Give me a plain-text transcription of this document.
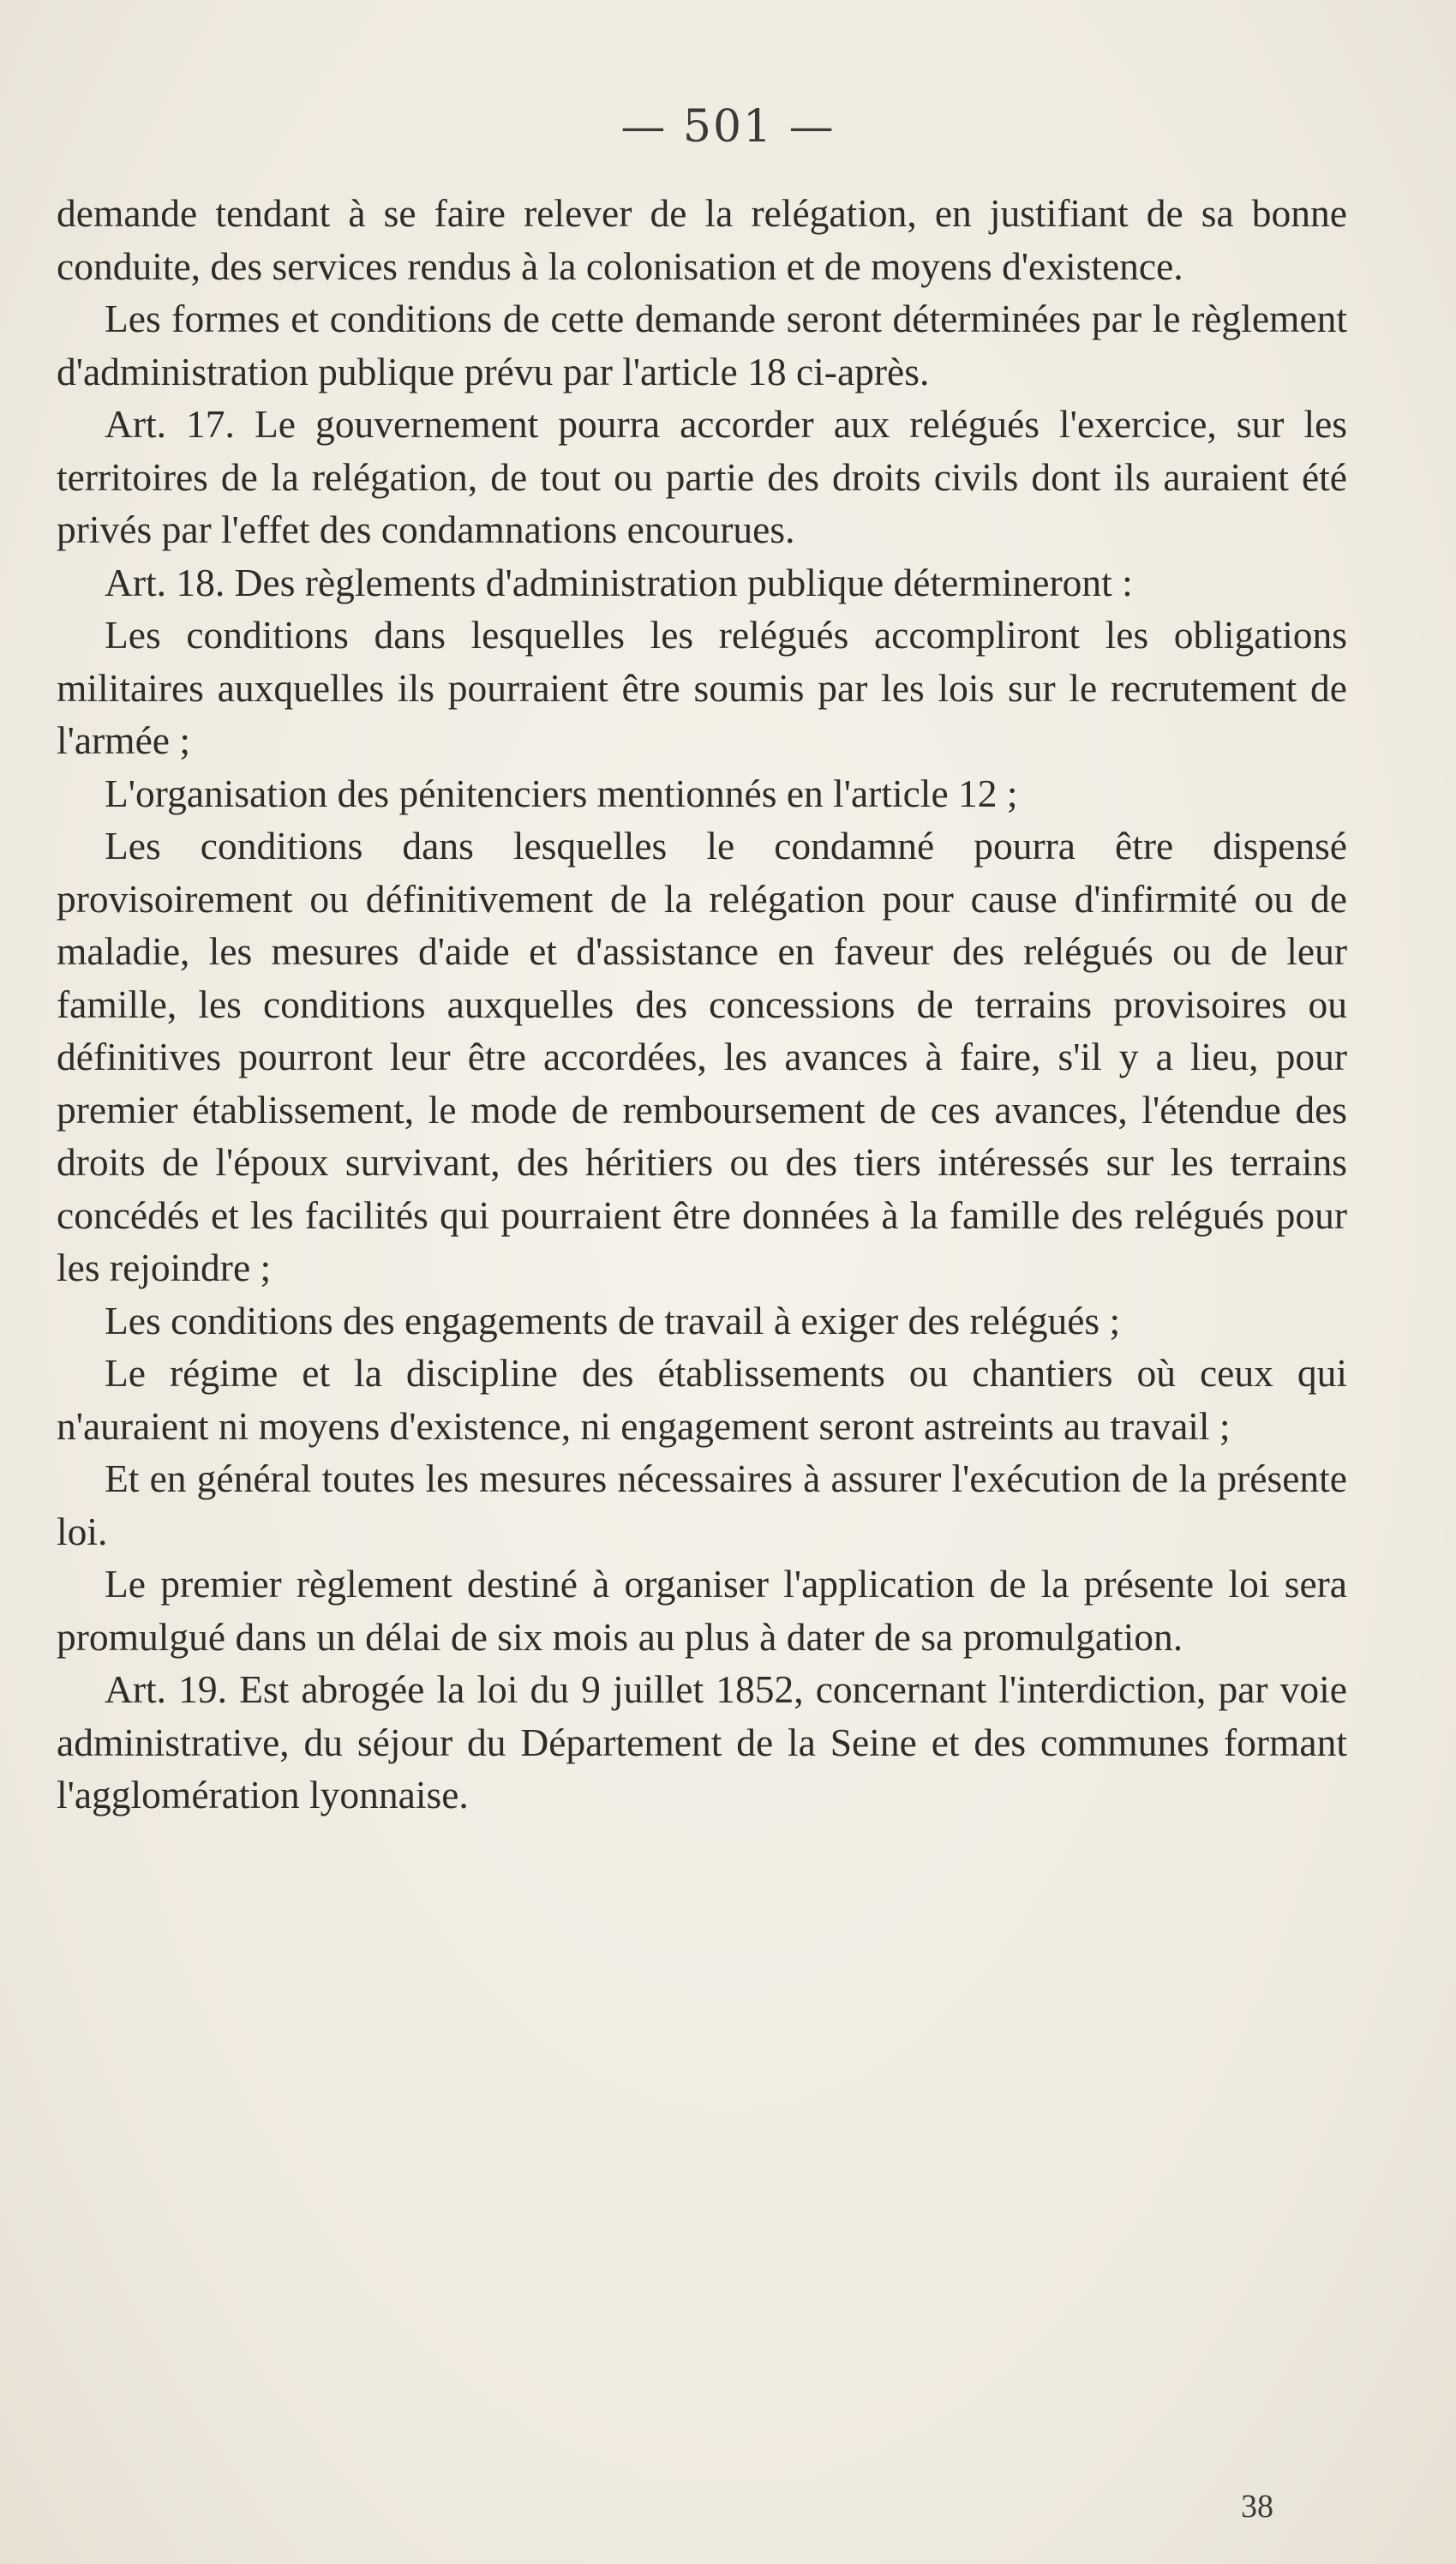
— 501 —

demande tendant à se faire relever de la relégation, en justifiant de sa bonne conduite, des services rendus à la colonisation et de moyens d'existence.

Les formes et conditions de cette demande seront déterminées par le règlement d'administration publique prévu par l'article 18 ci-après.

Art. 17. Le gouvernement pourra accorder aux relégués l'exercice, sur les territoires de la relégation, de tout ou partie des droits civils dont ils auraient été privés par l'effet des condamnations encourues.

Art. 18. Des règlements d'administration publique détermineront :

Les conditions dans lesquelles les relégués accompliront les obligations militaires auxquelles ils pourraient être soumis par les lois sur le recrutement de l'armée ;

L'organisation des pénitenciers mentionnés en l'article 12 ;

Les conditions dans lesquelles le condamné pourra être dispensé provisoirement ou définitivement de la relégation pour cause d'infirmité ou de maladie, les mesures d'aide et d'assistance en faveur des relégués ou de leur famille, les conditions auxquelles des concessions de terrains provisoires ou définitives pourront leur être accordées, les avances à faire, s'il y a lieu, pour premier établissement, le mode de remboursement de ces avances, l'étendue des droits de l'époux survivant, des héritiers ou des tiers intéressés sur les terrains concédés et les facilités qui pourraient être données à la famille des relégués pour les rejoindre ;

Les conditions des engagements de travail à exiger des relégués ;

Le régime et la discipline des établissements ou chantiers où ceux qui n'auraient ni moyens d'existence, ni engagement seront astreints au travail ;

Et en général toutes les mesures nécessaires à assurer l'exécution de la présente loi.

Le premier règlement destiné à organiser l'application de la présente loi sera promulgué dans un délai de six mois au plus à dater de sa promulgation.

Art. 19. Est abrogée la loi du 9 juillet 1852, concernant l'interdiction, par voie administrative, du séjour du Département de la Seine et des communes formant l'agglomération lyonnaise.

38
